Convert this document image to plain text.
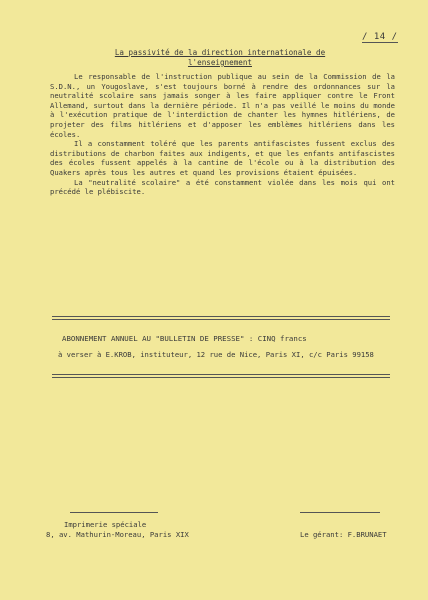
/ 14 /
La passivité de la direction internationale de
l'enseignement

Le responsable de l'instruction publique au sein de la Commission de la S.D.N., un Yougoslave, s'est toujours borné à rendre des ordonnances sur la neutralité scolaire sans jamais songer à les faire appliquer contre le Front Allemand, surtout dans la dernière période. Il n'a pas veillé le moins du monde à l'exécution pratique de l'interdiction de chanter les hymnes hitlériens, de projeter des films hitlériens et d'apposer les emblèmes hitlériens dans les écoles.

Il a constamment toléré que les parents antifascistes fussent exclus des distributions de charbon faites aux indigents, et que les enfants antifascistes des écoles fussent appelés à la cantine de l'école ou à la distribution des Quakers après tous les autres et quand les provisions étaient épuisées.

La "neutralité scolaire" a été constamment violée dans les mois qui ont précédé le plébiscite.

ABONNEMENT ANNUEL AU "BULLETIN DE PRESSE" : CINQ francs
à verser à E.KROB, instituteur, 12 rue de Nice, Paris XI, c/c Paris 99158
Imprimerie spéciale
8, av. Mathurin-Moreau, Paris XIX	Le gérant: F.BRUNAET
